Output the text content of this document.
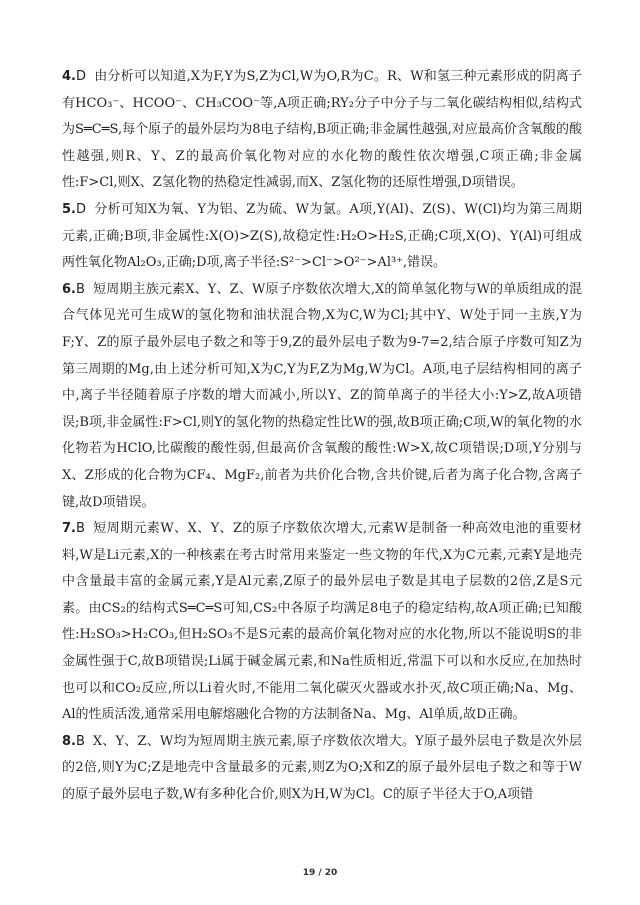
4.D 由分析可以知道,X为F,Y为S,Z为Cl,W为O,R为C。R、W和氢三种元素形成的阴离子有HCO₃⁻、HCOO⁻、CH₃COO⁻等,A项正确;RY₂分子中分子与二氧化碳结构相似,结构式为S═C═S,每个原子的最外层均为8电子结构,B项正确;非金属性越强,对应最高价含氧酸的酸性越强,则R、Y、Z的最高价氧化物对应的水化物的酸性依次增强,C项正确;非金属性:F>Cl,则X、Z氢化物的热稳定性减弱,而X、Z氢化物的还原性增强,D项错误。

5.D 分析可知X为氧、Y为铝、Z为硫、W为氯。A项,Y(Al)、Z(S)、W(Cl)均为第三周期元素,正确;B项,非金属性:X(O)>Z(S),故稳定性:H₂O>H₂S,正确;C项,X(O)、Y(Al)可组成两性氧化物Al₂O₃,正确;D项,离子半径:S²⁻>Cl⁻>O²⁻>Al³⁺,错误。

6.B 短周期主族元素X、Y、Z、W原子序数依次增大,X的简单氢化物与W的单质组成的混合气体见光可生成W的氢化物和油状混合物,X为C,W为Cl;其中Y、W处于同一主族,Y为F;Y、Z的原子最外层电子数之和等于9,Z的最外层电子数为9-7=2,结合原子序数可知Z为第三周期的Mg,由上述分析可知,X为C,Y为F,Z为Mg,W为Cl。A项,电子层结构相同的离子中,离子半径随着原子序数的增大而减小,所以Y、Z的简单离子的半径大小:Y>Z,故A项错误;B项,非金属性:F>Cl,则Y的氢化物的热稳定性比W的强,故B项正确;C项,W的氧化物的水化物若为HClO,比碳酸的酸性弱,但最高价含氧酸的酸性:W>X,故C项错误;D项,Y分别与X、Z形成的化合物为CF₄、MgF₂,前者为共价化合物,含共价键,后者为离子化合物,含离子键,故D项错误。

7.B 短周期元素W、X、Y、Z的原子序数依次增大,元素W是制备一种高效电池的重要材料,W是Li元素,X的一种核素在考古时常用来鉴定一些文物的年代,X为C元素,元素Y是地壳中含量最丰富的金属元素,Y是Al元素,Z原子的最外层电子数是其电子层数的2倍,Z是S元素。由CS₂的结构式S═C═S可知,CS₂中各原子均满足8电子的稳定结构,故A项正确;已知酸性:H₂SO₃>H₂CO₃,但H₂SO₃不是S元素的最高价氧化物对应的水化物,所以不能说明S的非金属性强于C,故B项错误;Li属于碱金属元素,和Na性质相近,常温下可以和水反应,在加热时也可以和CO₂反应,所以Li着火时,不能用二氧化碳灭火器或水扑灭,故C项正确;Na、Mg、Al的性质活泼,通常采用电解熔融化合物的方法制备Na、Mg、Al单质,故D正确。

8.B X、Y、Z、W均为短周期主族元素,原子序数依次增大。Y原子最外层电子数是次外层的2倍,则Y为C;Z是地壳中含量最多的元素,则Z为O;X和Z的原子最外层电子数之和等于W的原子最外层电子数,W有多种化合价,则X为H,W为Cl。C的原子半径大于O,A项错

19 / 20
